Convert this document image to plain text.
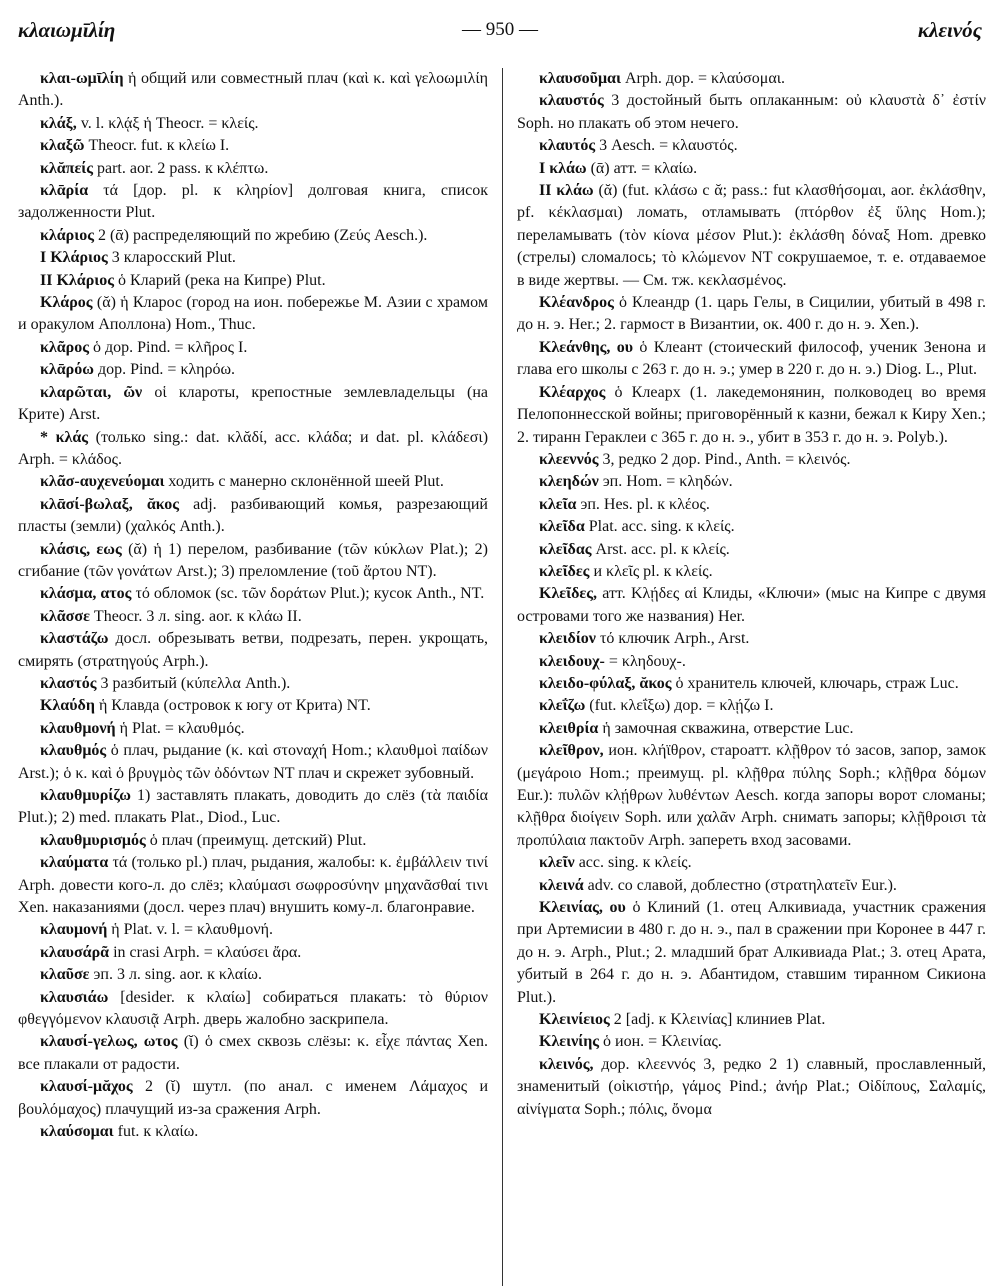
κλαιωμῑλίη	— 950 —	κλεινός

κλαι-ωμῑλίη ἡ общий или совместный плач (καὶ κ. καὶ γελοωμιλίη Anth.).

κλάξ, v. l. κλᾴξ ἡ Theocr. = κλείς.

κλαξῶ Theocr. fut. к κλείω I.

κλᾰπείς part. aor. 2 pass. к κλέπτω.

κλᾱρία τά [дор. pl. к κληρίον] долговая книга, список задолженности Plut.

κλάριος 2 (ᾱ) распределяющий по жребию (Ζεύς Aesch.).

I Κλάριος 3 кларосский Plut.

II Κλάριος ὁ Кларий (река на Кипре) Plut.

Κλάρος (ᾰ) ἡ Кларос (город на ион. побережье М. Азии с храмом и оракулом Аполлона) Hom., Thuc.

κλᾶρος ὁ дор. Pind. = κλῆρος I.

κλᾱρόω дор. Pind. = κληρόω.

κλαρῶται, ῶν οἱ клароты, крепостные землевладельцы (на Крите) Arst.

* κλάς (только sing.: dat. κλᾰδί, acc. κλάδα; и dat. pl. κλάδεσι) Arph. = κλάδος.

κλᾶσ-αυχενεύομαι ходить с манерно склонённой шеей Plut.

κλᾱσί-βωλαξ, ᾰκος adj. разбивающий комья, разрезающий пласты (земли) (χαλκός Anth.).

κλάσις, εως (ᾰ) ἡ 1) перелом, разбивание (τῶν κύκλων Plat.); 2) сгибание (τῶν γονάτων Arst.); 3) преломление (τοῦ ἄρτου NT).

κλάσμα, ατος τό обломок (sc. τῶν δοράτων Plut.); кусок Anth., NT.

κλᾶσσε Theocr. 3 л. sing. aor. к κλάω II.

κλαστάζω досл. обрезывать ветви, подрезать, перен. укрощать, смирять (στρατηγούς Arph.).

κλαστός 3 разбитый (κύπελλα Anth.).

Κλαύδη ἡ Клавда (островок к югу от Крита) NT.

κλαυθμονή ἡ Plat. = κλαυθμός.

κλαυθμός ὁ плач, рыдание (κ. καὶ στοναχή Hom.; κλαυθμοὶ παίδων Arst.); ὁ κ. καὶ ὁ βρυγμὸς τῶν ὀδόντων NT плач и скрежет зубовный.

κλαυθμυρίζω 1) заставлять плакать, доводить до слёз (τὰ παιδία Plut.); 2) med. плакать Plat., Diod., Luc.

κλαυθμυρισμός ὁ плач (преимущ. детский) Plut.

κλαύματα τά (только pl.) плач, рыдания, жалобы: κ. ἐμβάλλειν τινί Arph. довести кого-л. до слёз; κλαύμασι σωφροσύνην μηχανᾶσθαί τινι Xen. наказаниями (досл. через плач) внушить кому-л. благонравие.

κλαυμονή ἡ Plat. v. l. = κλαυθμονή.

κλαυσάρᾶ in crasi Arph. = κλαύσει ἄρα.

κλαῦσε эп. 3 л. sing. aor. к κλαίω.

κλαυσιάω [desider. к κλαίω] собираться плакать: τὸ θύριον φθεγγόμενον κλαυσιᾷ Arph. дверь жалобно заскрипела.

κλαυσί-γελως, ωτος (ῐ) ὁ смех сквозь слёзы: κ. εἶχε πάντας Xen. все плакали от радости.

κλαυσί-μᾰχος 2 (ῐ) шутл. (по анал. с именем Λάμαχος и βουλόμαχος) плачущий из-за сражения Arph.

κλαύσομαι fut. к κλαίω.

κλαυσοῦμαι Arph. дор. = κλαύσομαι.

κλαυστός 3 достойный быть оплаканным: οὐ κλαυστὰ δ᾽ ἐστίν Soph. но плакать об этом нечего.

κλαυτός 3 Aesch. = κλαυστός.

I κλάω (ᾱ) атт. = κλαίω.

II κλάω (ᾰ) (fut. κλάσω с ᾰ; pass.: fut κλασθήσομαι, aor. ἐκλάσθην, pf. κέκλασμαι) ломать, отламывать (πτόρθον ἐξ ὕλης Hom.); переламывать (τὸν κίονα μέσον Plut.): ἐκλάσθη δόναξ Hom. древко (стрелы) сломалось; τὸ κλώμενον NT сокрушаемое, т. е. отдаваемое в виде жертвы. — См. тж. κεκλασμένος.

Κλέανδρος ὁ Клеандр (1. царь Гелы, в Сицилии, убитый в 498 г. до н. э. Her.; 2. гармост в Византии, ок. 400 г. до н. э. Xen.).

Κλεάνθης, ου ὁ Клеант (стоический философ, ученик Зенона и глава его школы с 263 г. до н. э.; умер в 220 г. до н. э.) Diog. L., Plut.

Κλέαρχος ὁ Клеарх (1. лакедемонянин, полководец во время Пелопоннесской войны; приговорённый к казни, бежал к Киру Xen.; 2. тиранн Гераклеи с 365 г. до н. э., убит в 353 г. до н. э. Polyb.).

κλεεννός 3, редко 2 дор. Pind., Anth. = κλεινός.

κλεηδών эп. Hom. = κληδών.

κλεῖα эп. Hes. pl. к κλέος.

κλεῖδα Plat. acc. sing. к κλείς.

κλεῖδας Arst. acc. pl. к κλείς.

κλεῖδες и κλεῖς pl. к κλείς.

Κλεῖδες, атт. Κλῄδες αἱ Клиды, «Ключи» (мыс на Кипре с двумя островами того же названия) Her.

κλειδίον τό ключик Arph., Arst.

κλειδουχ- = κληδουχ-.

κλειδο-φύλαξ, ᾰκος ὁ хранитель ключей, ключарь, страж Luc.

κλεΐζω (fut. κλεΐξω) дор. = κλῄζω I.

κλειθρία ἡ замочная скважина, отверстие Luc.

κλεῖθρον, ион. κλήϊθρον, староатт. κλῇθρον τό засов, запор, замок (μεγάροιο Hom.; преимущ. pl. κλῇθρα πύλης Soph.; κλῇθρα δόμων Eur.): πυλῶν κλῄθρων λυθέντων Aesch. когда запоры ворот сломаны; κλῇθρα διοίγειν Soph. или χαλᾶν Arph. снимать запоры; κλῇθροισι τὰ προπύλαια πακτοῦν Arph. запереть вход засовами.

κλεῖν acc. sing. к κλείς.

κλεινά adv. со славой, доблестно (στρατηλατεῖν Eur.).

Κλεινίας, ου ὁ Клиний (1. отец Алкивиада, участник сражения при Артемисии в 480 г. до н. э., пал в сражении при Коронее в 447 г. до н. э. Arph., Plut.; 2. младший брат Алкивиада Plat.; 3. отец Арата, убитый в 264 г. до н. э. Абантидом, ставшим тиранном Сикиона Plut.).

Κλεινίειος 2 [adj. к Κλεινίας] клиниев Plat.

Κλεινίης ὁ ион. = Κλεινίας.

κλεινός, дор. κλεεννός 3, редко 2 1) славный, прославленный, знаменитый (οἰκιστήρ, γάμος Pind.; ἀνήρ Plat.; Οἰδίπους, Σαλαμίς, αἰνίγματα Soph.; πόλις, ὄνομα
